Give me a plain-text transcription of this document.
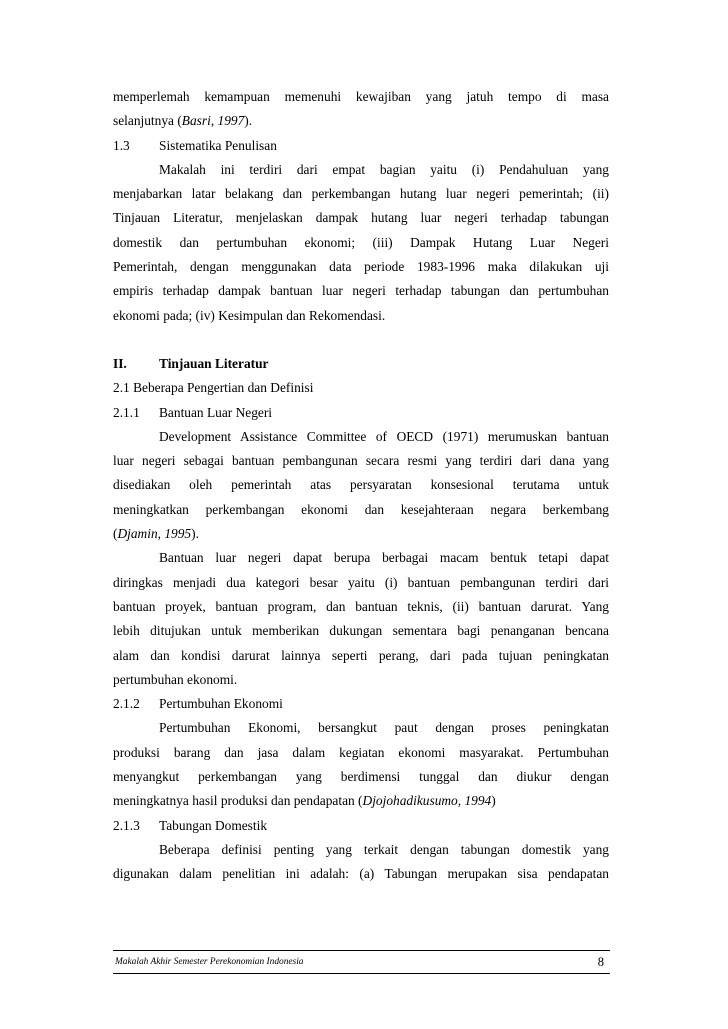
memperlemah kemampuan memenuhi kewajiban yang jatuh tempo di masa
selanjutnya (Basri, 1997).
1.3 Sistematika Penulisan
Makalah ini terdiri dari empat bagian yaitu (i) Pendahuluan yang
menjabarkan latar belakang dan perkembangan hutang luar negeri pemerintah; (ii)
Tinjauan Literatur, menjelaskan dampak hutang luar negeri terhadap tabungan
domestik dan pertumbuhan ekonomi; (iii) Dampak Hutang Luar Negeri
Pemerintah, dengan menggunakan data periode 1983-1996 maka dilakukan uji
empiris terhadap dampak bantuan luar negeri terhadap tabungan dan pertumbuhan
ekonomi pada; (iv) Kesimpulan dan Rekomendasi.
II. Tinjauan Literatur
2.1 Beberapa Pengertian dan Definisi
2.1.1 Bantuan Luar Negeri
Development Assistance Committee of OECD (1971) merumuskan bantuan
luar negeri sebagai bantuan pembangunan secara resmi yang terdiri dari dana yang
disediakan oleh pemerintah atas persyaratan konsesional terutama untuk
meningkatkan perkembangan ekonomi dan kesejahteraan negara berkembang
(Djamin, 1995).
Bantuan luar negeri dapat berupa berbagai macam bentuk tetapi dapat
diringkas menjadi dua kategori besar yaitu (i) bantuan pembangunan terdiri dari
bantuan proyek, bantuan program, dan bantuan teknis, (ii) bantuan darurat. Yang
lebih ditujukan untuk memberikan dukungan sementara bagi penanganan bencana
alam dan kondisi darurat lainnya seperti perang, dari pada tujuan peningkatan
pertumbuhan ekonomi.
2.1.2 Pertumbuhan Ekonomi
Pertumbuhan Ekonomi, bersangkut paut dengan proses peningkatan
produksi barang dan jasa dalam kegiatan ekonomi masyarakat. Pertumbuhan
menyangkut perkembangan yang berdimensi tunggal dan diukur dengan
meningkatnya hasil produksi dan pendapatan (Djojohadikusumo, 1994)
2.1.3 Tabungan Domestik
Beberapa definisi penting yang terkait dengan tabungan domestik yang
digunakan dalam penelitian ini adalah: (a) Tabungan merupakan sisa pendapatan
Makalah Akhir Semester Perekonomian Indonesia	8
